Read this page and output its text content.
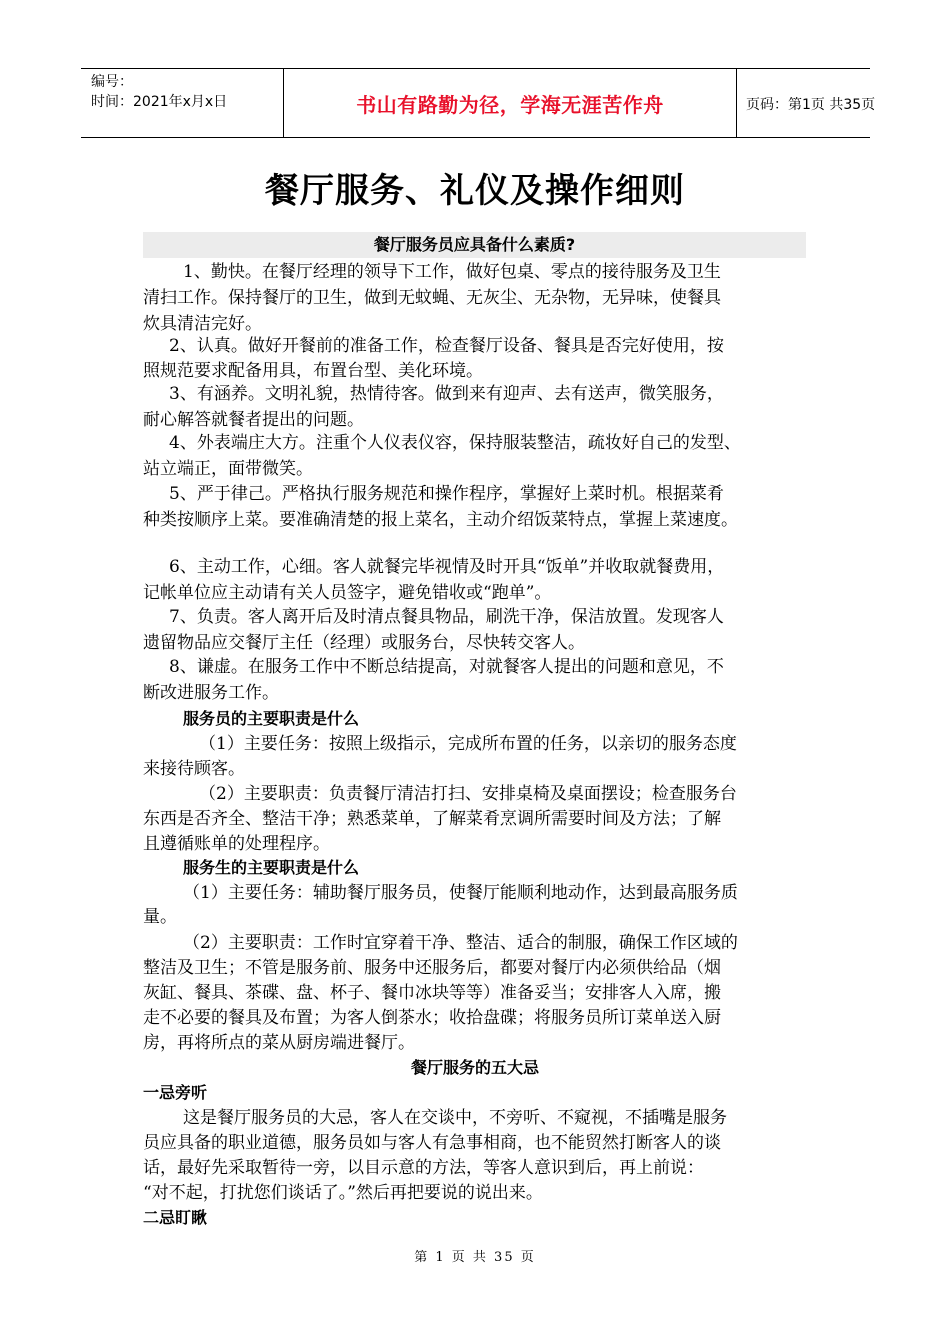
编号：
时间：2021年x月x日	书山有路勤为径，学海无涯苦作舟	页码：第1页 共35页
餐厅服务、礼仪及操作细则
餐厅服务员应具备什么素质?
1、勤快。在餐厅经理的领导下工作，做好包桌、零点的接待服务及卫生
清扫工作。保持餐厅的卫生，做到无蚊蝇、无灰尘、无杂物，无异味，使餐具
炊具清洁完好。
2、认真。做好开餐前的准备工作，检查餐厅设备、餐具是否完好使用，按
照规范要求配备用具，布置台型、美化环境。
3、有涵养。文明礼貌，热情待客。做到来有迎声、去有送声，微笑服务，
耐心解答就餐者提出的问题。
4、外表端庄大方。注重个人仪表仪容，保持服装整洁，疏妆好自己的发型、
站立端正，面带微笑。
5、严于律己。严格执行服务规范和操作程序，掌握好上菜时机。根据菜肴
种类按顺序上菜。要准确清楚的报上菜名，主动介绍饭菜特点，掌握上菜速度。
6、主动工作，心细。客人就餐完毕视情及时开具“饭单”并收取就餐费用，
记帐单位应主动请有关人员签字，避免错收或“跑单”。
7、负责。客人离开后及时清点餐具物品，刷洗干净，保洁放置。发现客人
遗留物品应交餐厅主任（经理）或服务台，尽快转交客人。
8、谦虚。在服务工作中不断总结提高，对就餐客人提出的问题和意见，不
断改进服务工作。
服务员的主要职责是什么
（1）主要任务：按照上级指示，完成所布置的任务，以亲切的服务态度
来接待顾客。
（2）主要职责：负责餐厅清洁打扫、安排桌椅及桌面摆设；检查服务台
东西是否齐全、整洁干净；熟悉菜单，了解菜肴烹调所需要时间及方法；了解
且遵循账单的处理程序。
服务生的主要职责是什么
（1）主要任务：辅助餐厅服务员，使餐厅能顺利地动作，达到最高服务质
量。
（2）主要职责：工作时宜穿着干净、整洁、适合的制服，确保工作区域的
整洁及卫生；不管是服务前、服务中还服务后，都要对餐厅内必须供给品（烟
灰缸、餐具、茶碟、盘、杯子、餐巾冰块等等）准备妥当；安排客人入席，搬
走不必要的餐具及布置；为客人倒茶水；收拾盘碟；将服务员所订菜单送入厨
房，再将所点的菜从厨房端进餐厅。
餐厅服务的五大忌
一忌旁听
这是餐厅服务员的大忌，客人在交谈中，不旁听、不窥视，不插嘴是服务
员应具备的职业道德，服务员如与客人有急事相商，也不能贸然打断客人的谈
话，最好先采取暂待一旁，以目示意的方法，等客人意识到后，再上前说：
“对不起，打扰您们谈话了。”然后再把要说的说出来。
二忌盯瞅
第 1 页 共 35 页
